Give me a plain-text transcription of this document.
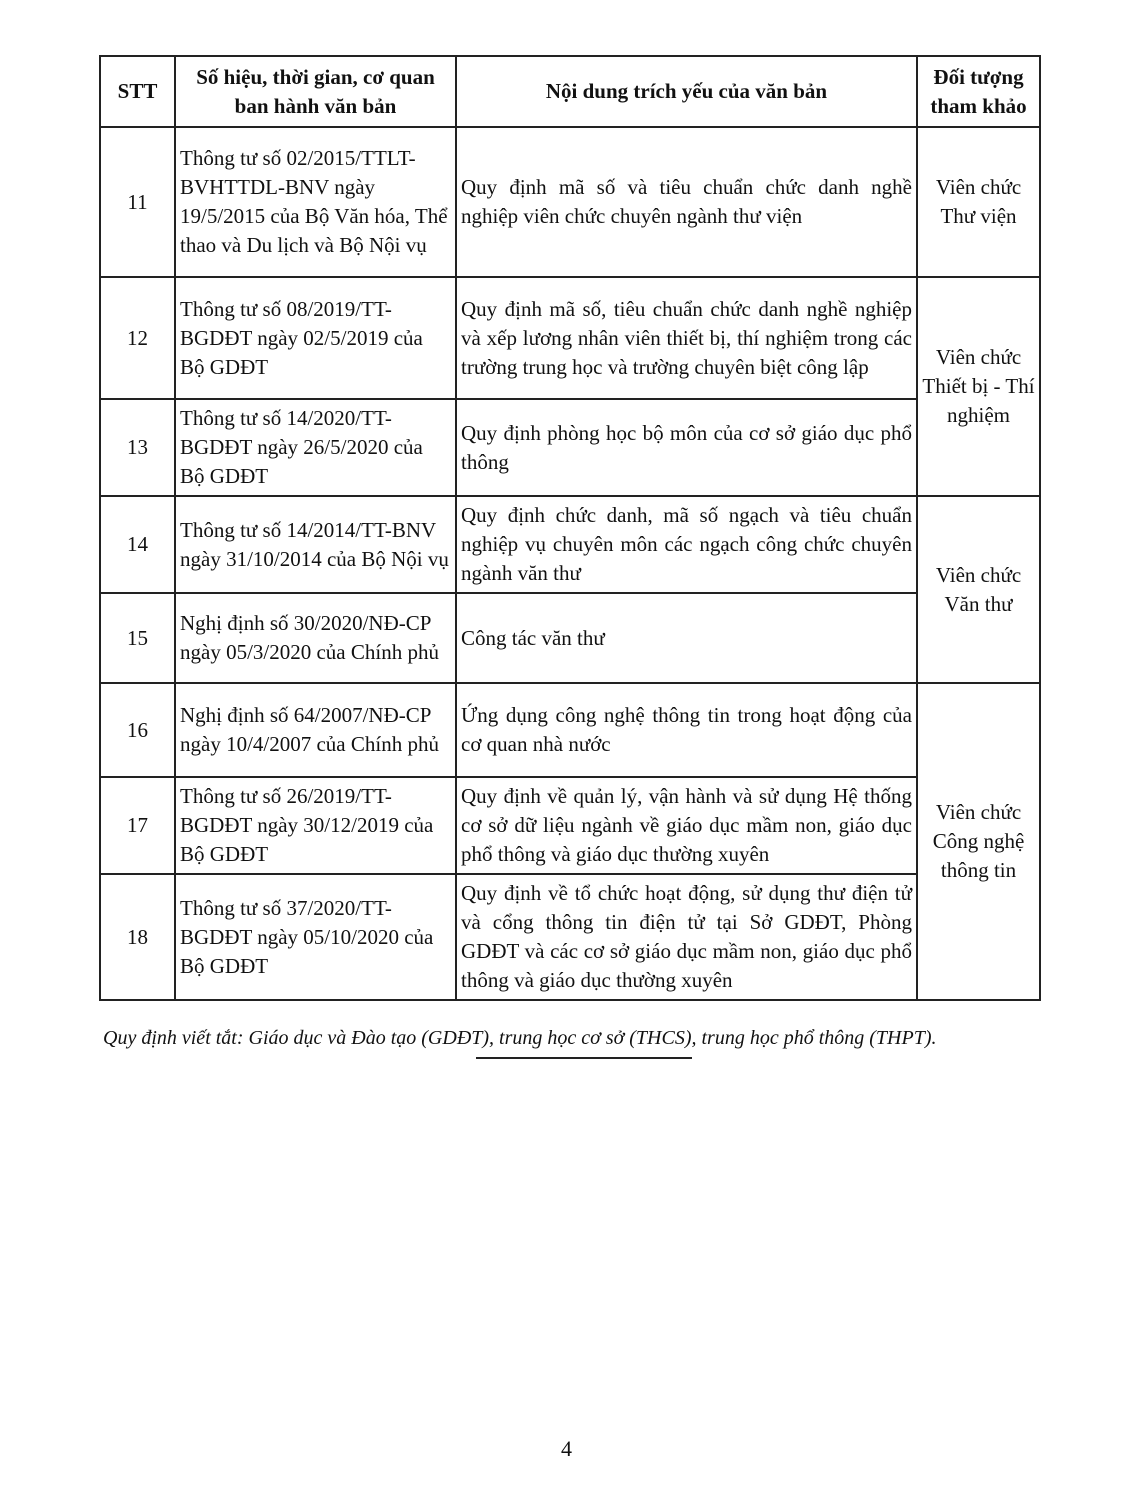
STT	Số hiệu, thời gian, cơ quan ban hành văn bản	Nội dung trích yếu của văn bản	Đối tượng tham khảo
11	Thông tư số 02/2015/TTLT-BVHTTDL-BNV ngày 19/5/2015 của Bộ Văn hóa, Thể thao và Du lịch và Bộ Nội vụ	Quy định mã số và tiêu chuẩn chức danh nghề nghiệp viên chức chuyên ngành thư viện	Viên chức Thư viện
12	Thông tư số 08/2019/TT-BGDĐT ngày 02/5/2019 của Bộ GDĐT	Quy định mã số, tiêu chuẩn chức danh nghề nghiệp và xếp lương nhân viên thiết bị, thí nghiệm trong các trường trung học và trường chuyên biệt công lập	Viên chức Thiết bị - Thí nghiệm
13	Thông tư số 14/2020/TT-BGDĐT ngày 26/5/2020 của Bộ GDĐT	Quy định phòng học bộ môn của cơ sở giáo dục phổ thông	
14	Thông tư số 14/2014/TT-BNV ngày 31/10/2014 của Bộ Nội vụ	Quy định chức danh, mã số ngạch và tiêu chuẩn nghiệp vụ chuyên môn các ngạch công chức chuyên ngành văn thư	Viên chức Văn thư
15	Nghị định số 30/2020/NĐ-CP ngày 05/3/2020 của Chính phủ	Công tác văn thư	
16	Nghị định số 64/2007/NĐ-CP ngày 10/4/2007 của Chính phủ	Ứng dụng công nghệ thông tin trong hoạt động của cơ quan nhà nước	Viên chức Công nghệ thông tin
17	Thông tư số 26/2019/TT-BGDĐT ngày 30/12/2019 của Bộ GDĐT	Quy định về quản lý, vận hành và sử dụng Hệ thống cơ sở dữ liệu ngành về giáo dục mầm non, giáo dục phổ thông và giáo dục thường xuyên	
18	Thông tư số 37/2020/TT-BGDĐT ngày 05/10/2020 của Bộ GDĐT	Quy định về tổ chức hoạt động, sử dụng thư điện tử và cổng thông tin điện tử tại Sở GDĐT, Phòng GDĐT và các cơ sở giáo dục mầm non, giáo dục phổ thông và giáo dục thường xuyên	
Quy định viết tắt: Giáo dục và Đào tạo (GDĐT), trung học cơ sở (THCS), trung học phổ thông (THPT).
4
